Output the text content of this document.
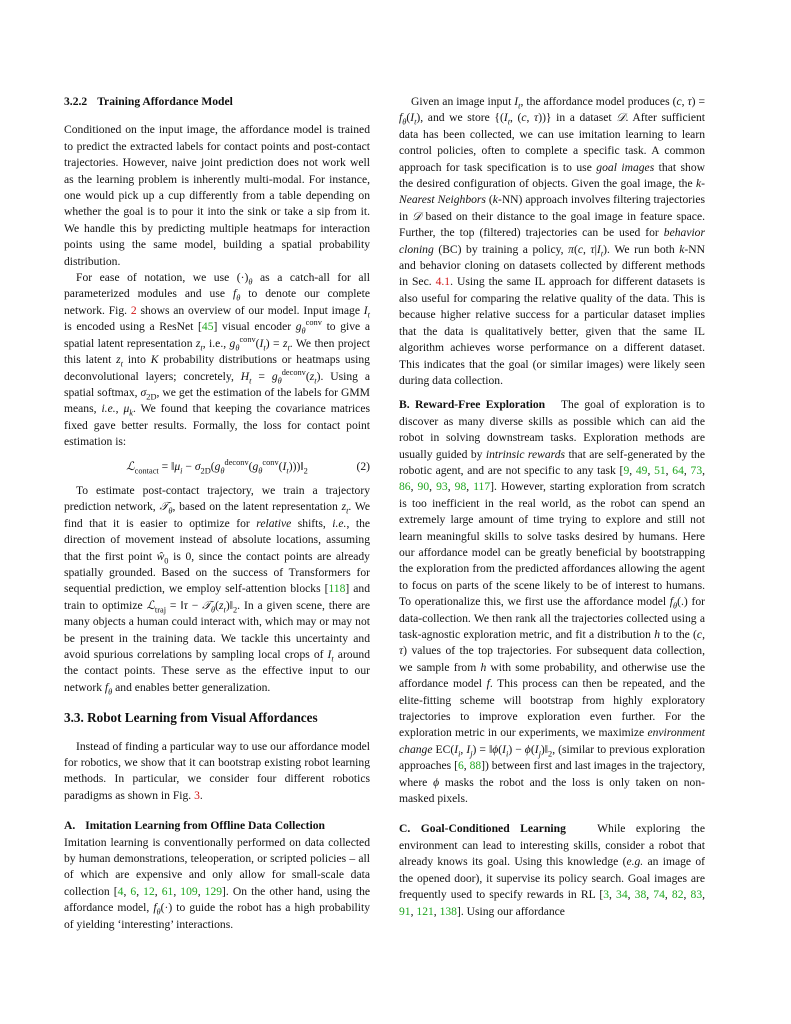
3.2.2 Training Affordance Model

Conditioned on the input image, the affordance model is trained to predict the extracted labels for contact points and post-contact trajectories. However, naive joint prediction does not work well as the learning problem is inherently multi-modal. For instance, one would pick up a cup differently from a table depending on whether the goal is to pour it into the sink or take a sip from it. We handle this by predicting multiple heatmaps for interaction points using the same model, building a spatial probability distribution.

For ease of notation, we use $(\cdot)_\theta$ as a catch-all for all parameterized modules and use $f_\theta$ to denote our complete network. Fig. 2 shows an overview of our model. Input image $I_t$ is encoded using a ResNet [45] visual encoder $g_\theta^{conv}$ to give a spatial latent representation $z_t$, i.e., $g_\theta^{conv}(I_t) = z_t$. We then project this latent $z_t$ into K probability distributions or heatmaps using deconvolutional layers; concretely, $H_t = g_\theta^{deconv}(z_t)$. Using a spatial softmax, $\sigma_{2D}$, we get the estimation of the labels for GMM means, i.e., $\mu_k$. We found that keeping the covariance matrices fixed gave better results. Formally, the loss for contact point estimation is:

ℒ$_{contact}$ = $‖\mu_i$ − $\sigma_{2D}(g_\theta^{deconv}(g_\theta^{conv}(I_t)))‖_2$	(2)

To estimate post-contact trajectory, we train a trajectory prediction network, 𝒯$_\theta$, based on the latent representation $z_t$. We find that it is easier to optimize for relative shifts, i.e., the direction of movement instead of absolute locations, assuming that the first point $ŵ_0$ is 0, since the contact points are already spatially grounded. Based on the success of Transformers for sequential prediction, we employ self-attention blocks [118] and train to optimize ℒ$_{traj}$ = ‖τ − $𝒯_\theta(z_t)‖_2$. In a given scene, there are many objects a human could interact with, which may or may not be present in the training data. We tackle this uncertainty and avoid spurious correlations by sampling local crops of $I_t$ around the contact points. These serve as the effective input to our network $f_\theta$ and enables better generalization.

3.3. Robot Learning from Visual Affordances

Instead of finding a particular way to use our affordance model for robotics, we show that it can bootstrap existing robot learning methods. In particular, we consider four different robotics paradigms as shown in Fig. 3.

A. Imitation Learning from Offline Data Collection
Imitation learning is conventionally performed on data collected by human demonstrations, teleoperation, or scripted policies – all of which are expensive and only allow for small-scale data collection [4, 6, 12, 61, 109, 129]. On the other hand, using the affordance model, $f_\theta(\cdot)$ to guide the robot has a high probability of yielding ‘interesting’ interactions.

Given an image input $I_t$, the affordance model produces (c, $\tau) = f_\theta(I_t)$, and we store {($I_t$, (c, τ))} in a dataset 𝒟. After sufficient data has been collected, we can use imitation learning to learn control policies, often to complete a specific task. A common approach for task specification is to use goal images that show the desired configuration of objects. Given the goal image, the k-Nearest Neighbors (k-NN) approach involves filtering trajectories in 𝒟 based on their distance to the goal image in feature space. Further, the top (filtered) trajectories can be used for behavior cloning (BC) by training a policy, π(c, $\tau|I_t$). We run both k-NN and behavior cloning on datasets collected by different methods in Sec. 4.1. Using the same IL approach for different datasets is also useful for comparing the relative quality of the data. This is because higher relative success for a particular dataset implies that the data is qualitatively better, given that the same IL algorithm achieves worse performance on a different dataset. This indicates that the goal (or similar images) were likely seen during data collection.

B. Reward-Free Exploration The goal of exploration is to discover as many diverse skills as possible which can aid the robot in solving downstream tasks. Exploration methods are usually guided by intrinsic rewards that are self-generated by the robotic agent, and are not specific to any task [9, 49, 51, 64, 73, 86, 90, 93, 98, 117]. However, starting exploration from scratch is too inefficient in the real world, as the robot can spend an extremely large amount of time trying to explore and still not learn meaningful skills to solve tasks desired by humans. Here our affordance model can be greatly beneficial by bootstrapping the exploration from the predicted affordances allowing the agent to focus on parts of the scene likely to be of interest to humans. To operationalize this, we first use the affordance model $f_\theta(.)$ for data-collection. We then rank all the trajectories collected using a task-agnostic exploration metric, and fit a distribution h to the (c, τ) values of the top trajectories. For subsequent data collection, we sample from h with some probability, and otherwise use the affordance model f. This process can then be repeated, and the elite-fitting scheme will bootstrap from highly exploratory trajectories to improve exploration even further. For the exploration metric in our experiments, we maximize environment change $EC(I_i$, $I_j$) = $‖\phi(I_i)$ − $\phi(I_j)‖_2$, (similar to previous exploration approaches [6, 88]) between first and last images in the trajectory, where ϕ masks the robot and the loss is only taken on non-masked pixels.

C. Goal-Conditioned Learning	While exploring the environment can lead to interesting skills, consider a robot that already knows its goal. Using this knowledge (e.g. an image of the opened door), it supervise its policy search. Goal images are frequently used to specify rewards in RL [3, 34, 38, 74, 82, 83, 91, 121, 138]. Using our affordance
